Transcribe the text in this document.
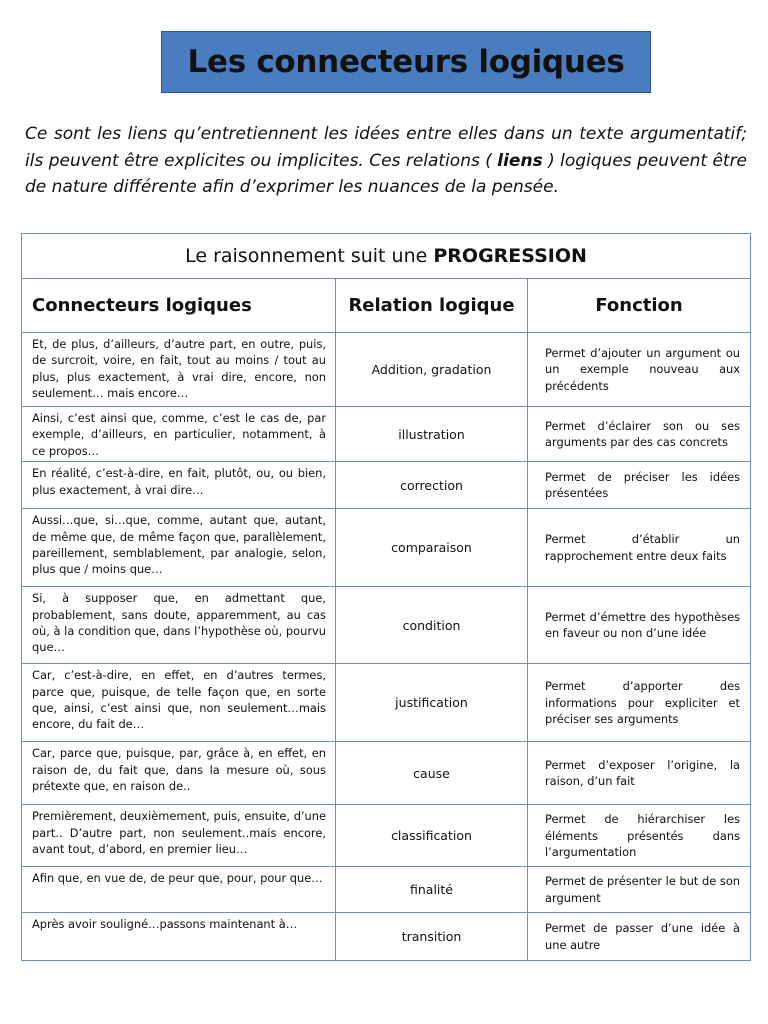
Les connecteurs logiques

Ce sont les liens qu’entretiennent les idées entre elles dans un texte argumentatif; ils peuvent être explicites ou implicites. Ces relations ( liens ) logiques peuvent être de nature différente afin d’exprimer les nuances de la pensée.

Le raisonnement suit une PROGRESSION		
Connecteurs logiques	Relation logique	Fonction
Et, de plus, d’ailleurs, d’autre part, en outre, puis, de surcroit, voire, en fait, tout au moins / tout au plus, plus exactement, à vrai dire, encore, non seulement… mais encore…	Addition, gradation	Permet d’ajouter un argument ou un exemple nouveau aux précédents
Ainsi, c’est ainsi que, comme, c’est le cas de, par exemple, d’ailleurs, en particulier, notamment, à ce propos…	illustration	Permet d’éclairer son ou ses arguments par des cas concrets
En réalité, c’est-à-dire, en fait, plutôt, ou, ou bien, plus exactement, à vrai dire…	correction	Permet de préciser les idées présentées
Aussi…que, si…que, comme, autant que, autant, de même que, de même façon que, parallèlement, pareillement, semblablement, par analogie, selon, plus que / moins que…	comparaison	Permet d’établir un rapprochement entre deux faits
Si, à supposer que, en admettant que, probablement, sans doute, apparemment, au cas où, à la condition que, dans l’hypothèse où, pourvu que…	condition	Permet d’émettre des hypothèses en faveur ou non d’une idée
Car, c’est-à-dire, en effet, en d’autres termes, parce que, puisque, de telle façon que, en sorte que, ainsi, c’est ainsi que, non seulement…mais encore, du fait de…	justification	Permet d’apporter des informations pour expliciter et préciser ses arguments
Car, parce que, puisque, par, grâce à, en effet, en raison de, du fait que, dans la mesure où, sous prétexte que, en raison de..	cause	Permet d’exposer l’origine, la raison, d’un fait
Premièrement, deuxièmement, puis, ensuite, d’une part.. D’autre part, non seulement..mais encore, avant tout, d’abord, en premier lieu…	classification	Permet de hiérarchiser les éléments présentés dans l’argumentation
Afin que, en vue de, de peur que, pour, pour que…	finalité	Permet de présenter le but de son argument
Après avoir souligné…passons maintenant à…	transition	Permet de passer d’une idée à une autre
